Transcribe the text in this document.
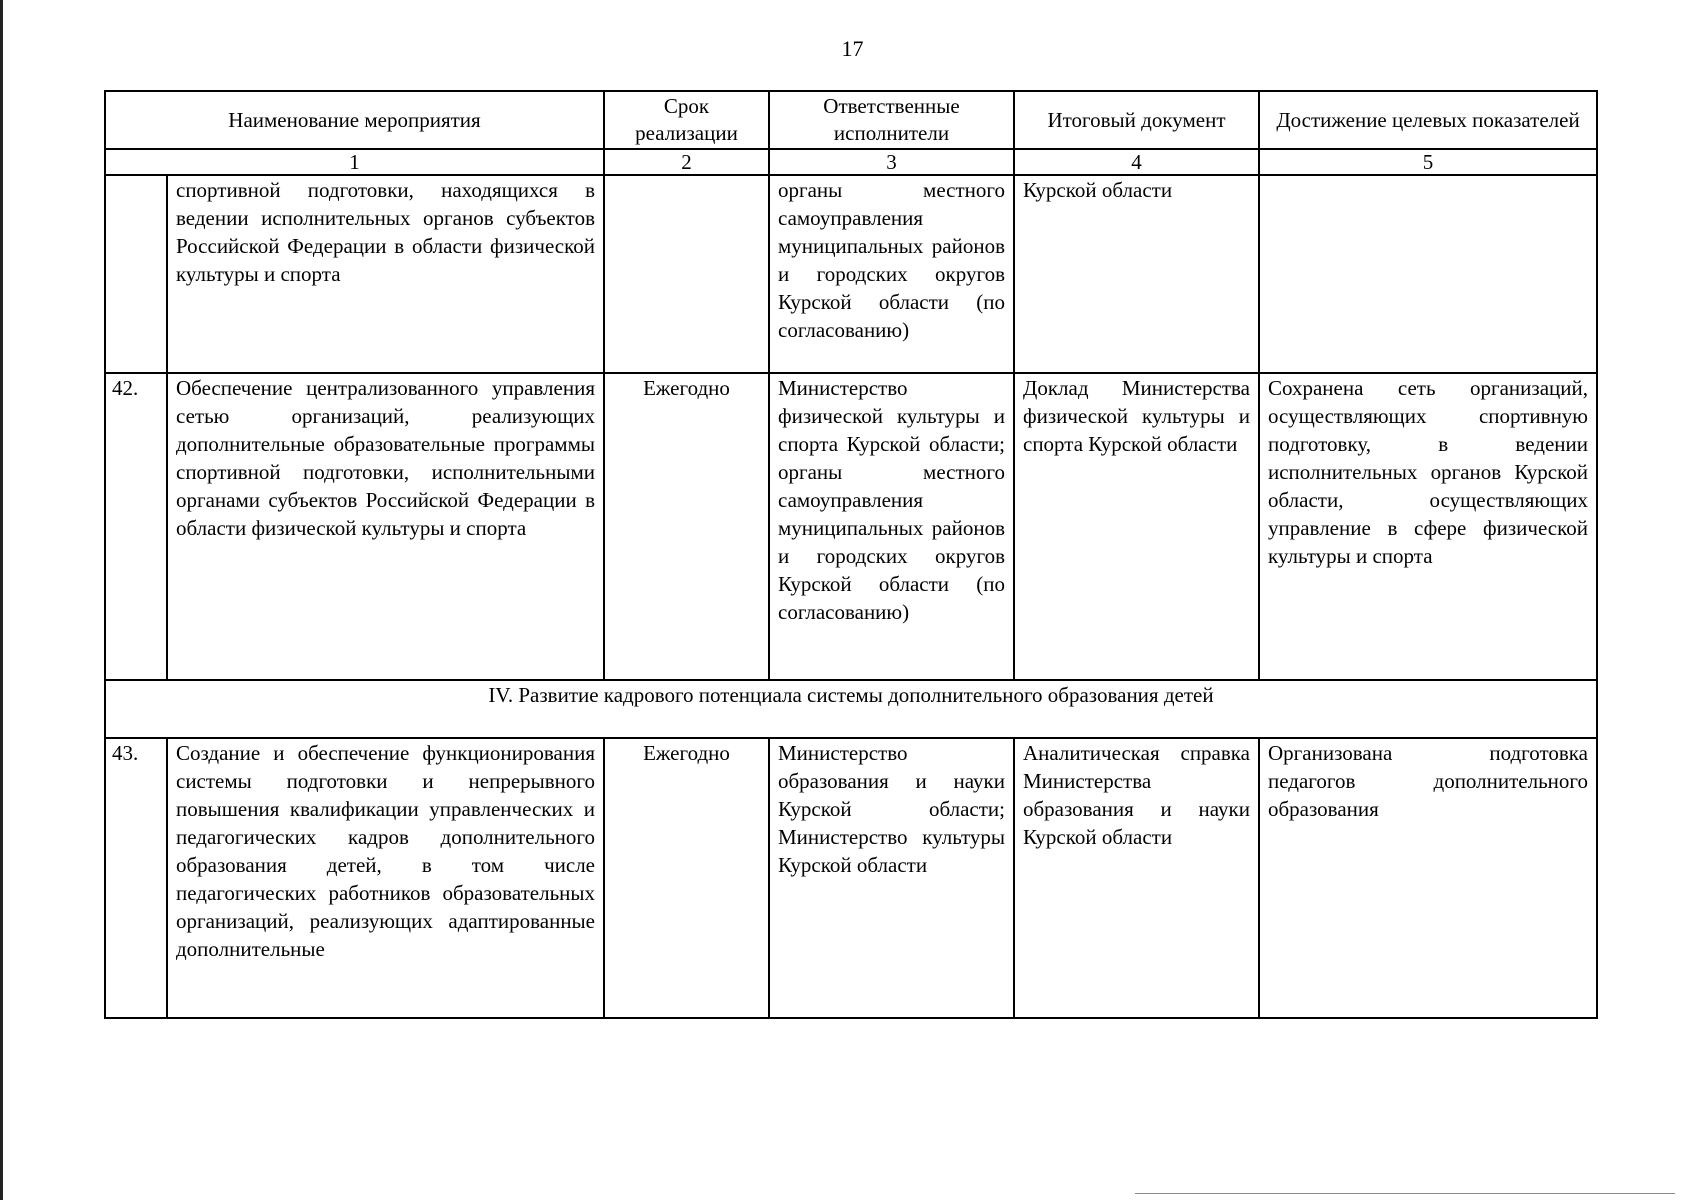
17
Наименование мероприятия		Срок реализации	Ответственные исполнители	Итоговый документ	Достижение целевых показателей
1		2	3	4	5
	спортивной подготовки, находящихся в ведении исполнительных органов субъектов Российской Федерации в области физической культуры и спорта		органы местного самоуправления муниципальных районов и городских округов Курской области (по согласованию)	Курской области	
42.	Обеспечение централизованного управления сетью организаций, реализующих дополнительные образовательные программы спортивной подготовки, исполнительными органами субъектов Российской Федерации в области физической культуры и спорта	Ежегодно	Министерство физической культуры и спорта Курской области; органы местного самоуправления муниципальных районов и городских округов Курской области (по согласованию)	Доклад Министерства физической культуры и спорта Курской области	Сохранена сеть организаций, осуществляющих спортивную подготовку, в ведении исполнительных органов Курской области, осуществляющих управление в сфере физической культуры и спорта
IV. Развитие кадрового потенциала системы дополнительного образования детей					
43.	Создание и обеспечение функционирования системы подготовки и непрерывного повышения квалификации управленческих и педагогических кадров дополнительного образования детей, в том числе педагогических работников образовательных организаций, реализующих адаптированные дополнительные	Ежегодно	Министерство образования и науки Курской области; Министерство культуры Курской области	Аналитическая справка Министерства образования и науки Курской области	Организована подготовка педагогов дополнительного образования
